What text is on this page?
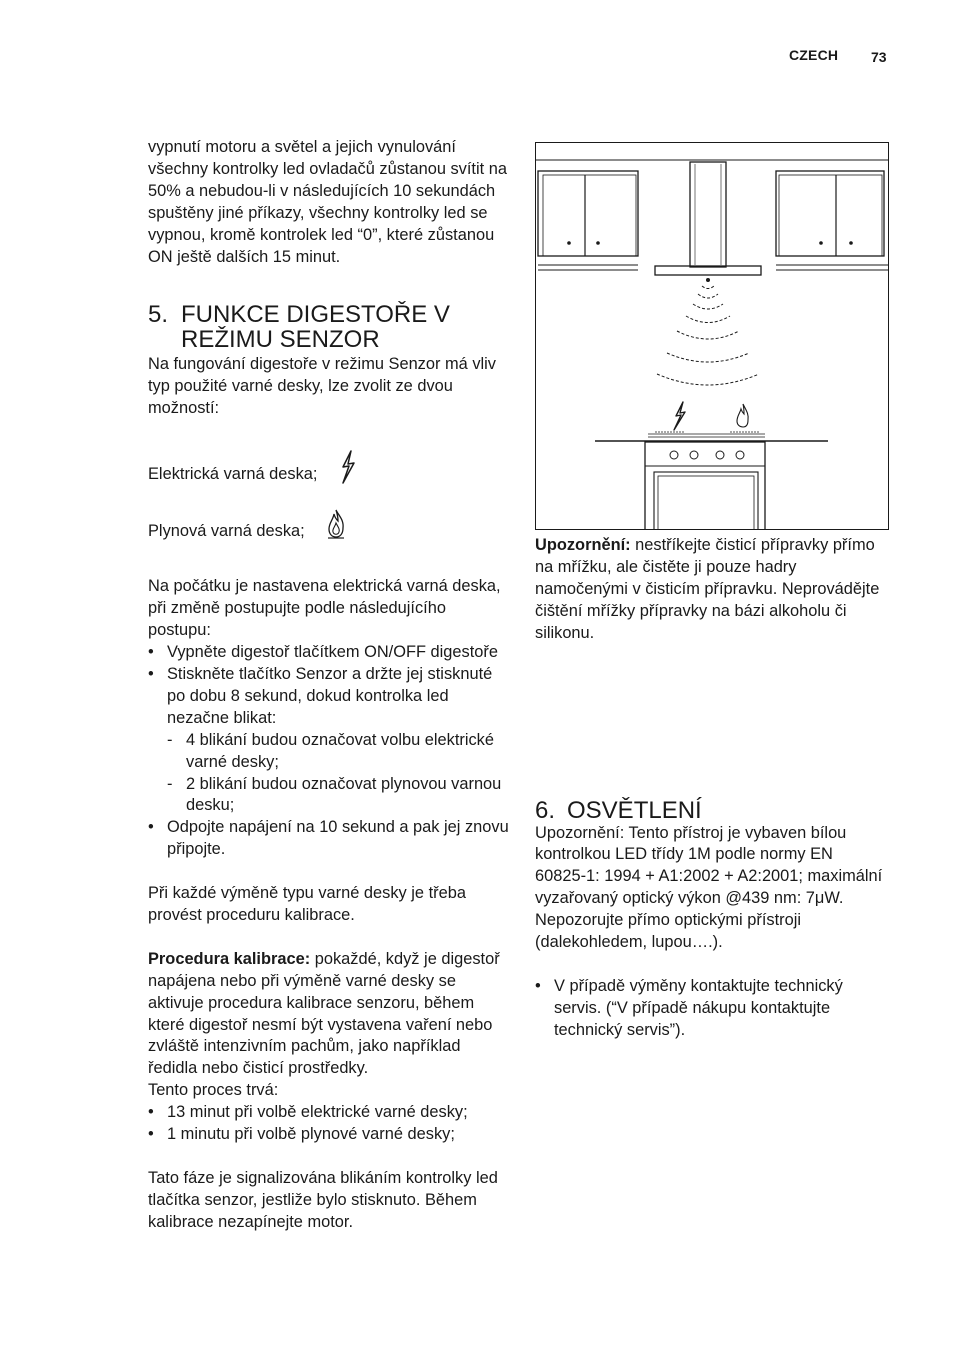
CZECH 73

vypnutí motoru a světel a jejich vynulování všechny kontrolky led ovladačů zůstanou svítit na 50% a nebudou-li v následujících 10 sekundách spuštěny jiné příkazy, všechny kontrolky led se vypnou, kromě kontrolek led “0”, které zůstanou ON ještě dalších 15 minut.

5. FUNKCE DIGESTOŘE V
REŽIMU SENZOR

Na fungování digestoře v režimu Senzor má vliv typ použité varné desky, lze zvolit ze dvou možností:

Elektrická varná deska;
Plynová varná deska;

Na počátku je nastavena elektrická varná deska, při změně postupujte podle následujícího postupu:

• Vypněte digestoř tlačítkem ON/OFF digestoře
• Stiskněte tlačítko Senzor a držte jej stisknuté po dobu 8 sekund, dokud kontrolka led nezačne blikat:
- 4 blikání budou označovat volbu elektrické varné desky;
- 2 blikání budou označovat plynovou varnou desku;
• Odpojte napájení na 10 sekund a pak jej znovu připojte.

Při každé výměně typu varné desky je třeba provést proceduru kalibrace.

Procedura kalibrace: pokaždé, když je digestoř napájena nebo při výměně varné desky se aktivuje procedura kalibrace senzoru, během které digestoř nesmí být vystavena vaření nebo zvláště intenzivním pachům, jako například ředidla nebo čisticí prostředky.

Tento proces trvá:

• 13 minut při volbě elektrické varné desky;
• 1 minutu při volbě plynové varné desky;

Tato fáze je signalizována blikáním kontrolky led tlačítka senzor, jestliže bylo stisknuto. Během kalibrace nezapínejte motor.

Upozornění: nestříkejte čisticí přípravky přímo na mřížku, ale čistěte ji pouze hadry namočenými v čisticím přípravku. Neprovádějte čištění mřížky přípravky na bázi alkoholu či silikonu.

6. OSVĚTLENÍ

Upozornění: Tento přístroj je vybaven bílou kontrolkou LED třídy 1M podle normy EN 60825-1: 1994 + A1:2002 + A2:2001; maximální vyzařovaný optický výkon @439 nm: 7μW. Nepozorujte přímo optickými přístroji (dalekohledem, lupou….).

• V případě výměny kontaktujte technický servis. (“V případě nákupu kontaktujte technický servis”).
